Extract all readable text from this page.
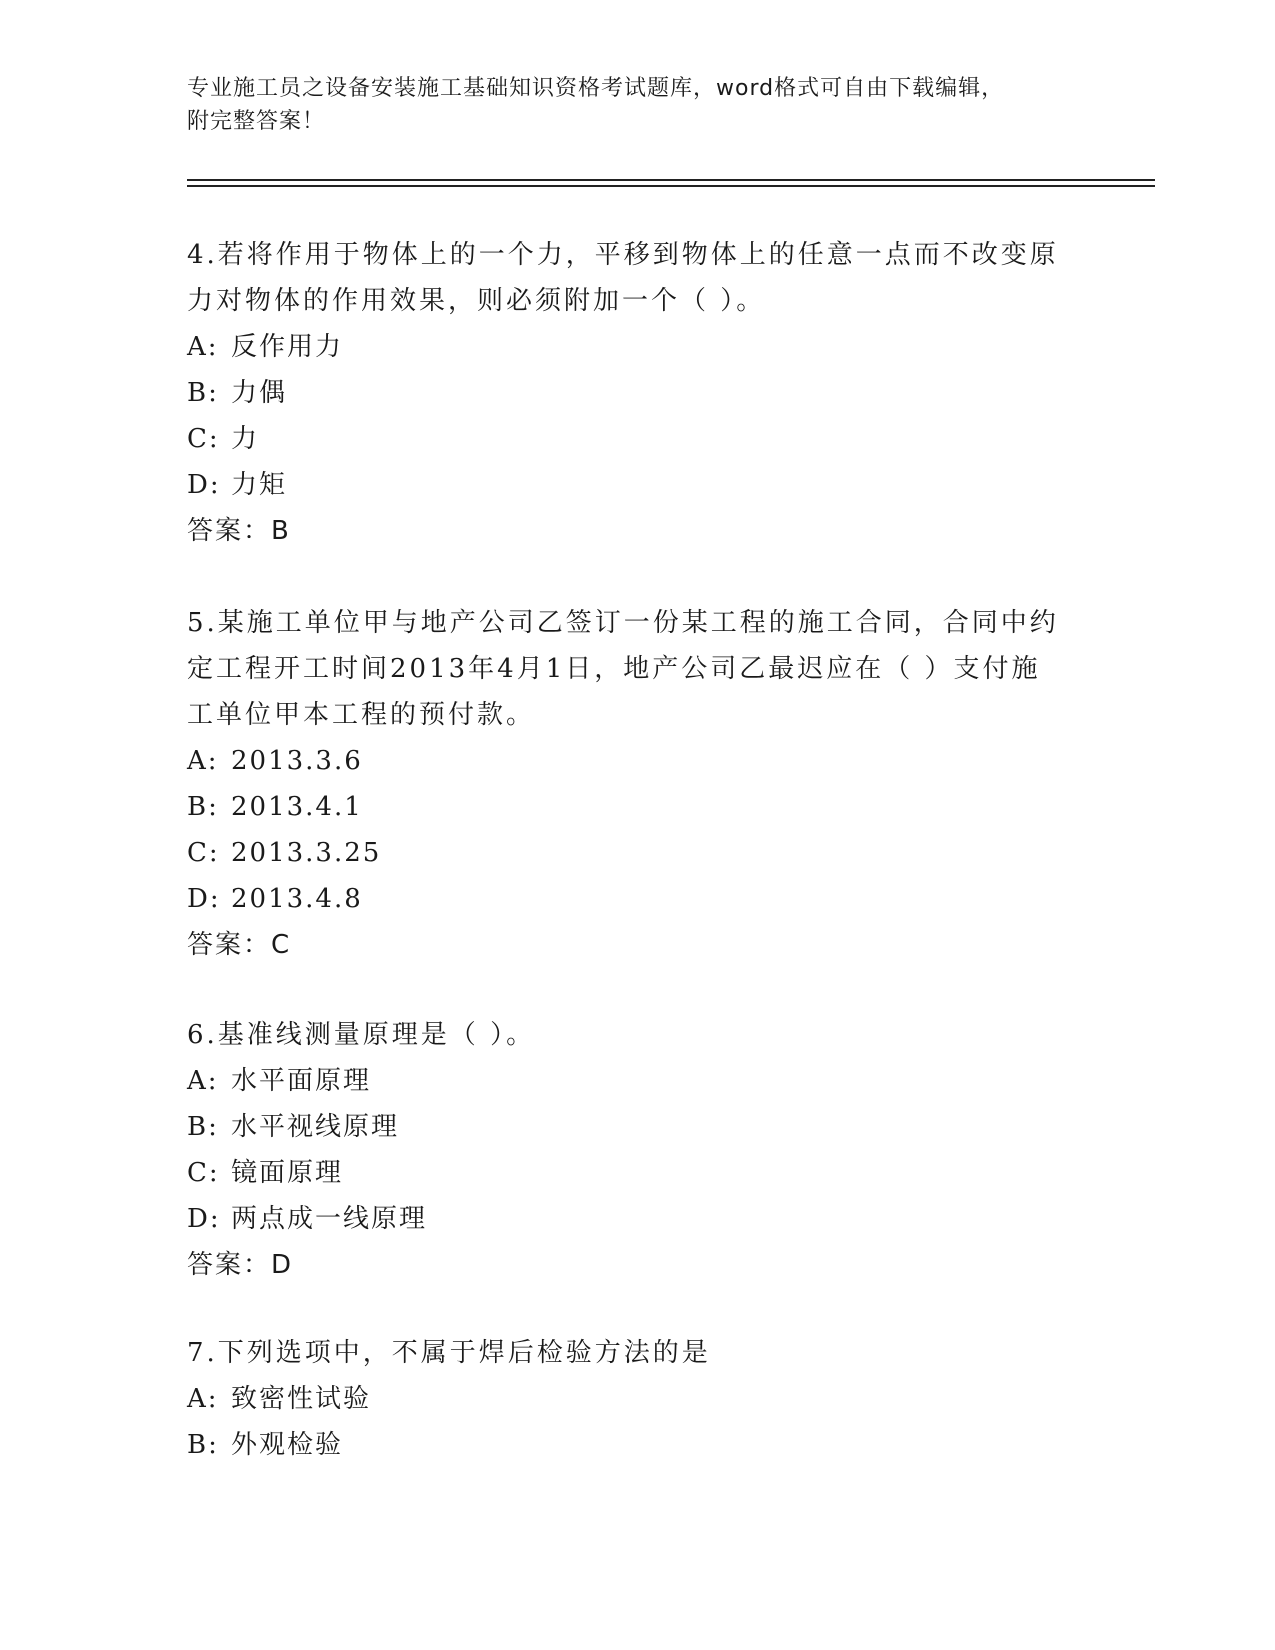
专业施工员之设备安装施工基础知识资格考试题库，word格式可自由下载编辑，
附完整答案！

4.若将作用于物体上的一个力，平移到物体上的任意一点而不改变原力对物体的作用效果，则必须附加一个（ ）。

A: 反作用力
B: 力偶
C: 力
D: 力矩
答案：B

5.某施工单位甲与地产公司乙签订一份某工程的施工合同，合同中约定工程开工时间2013年4月1日，地产公司乙最迟应在（ ）支付施工单位甲本工程的预付款。

A: 2013.3.6
B: 2013.4.1
C: 2013.3.25
D: 2013.4.8
答案：C

6.基准线测量原理是（ ）。

A: 水平面原理
B: 水平视线原理
C: 镜面原理
D: 两点成一线原理
答案：D

7.下列选项中，不属于焊后检验方法的是

A: 致密性试验
B: 外观检验
